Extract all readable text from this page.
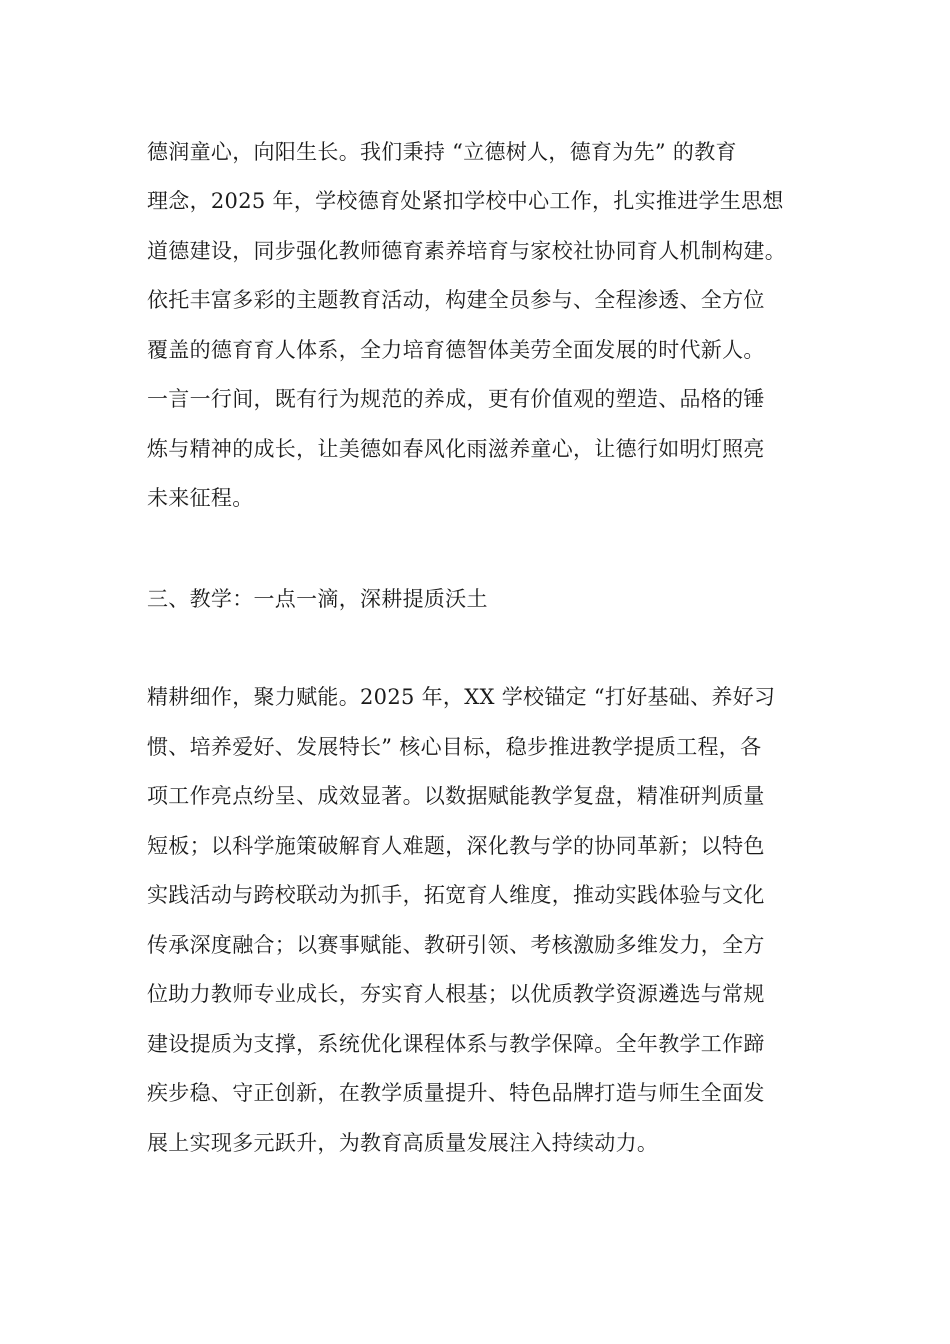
德润童心，向阳生长。我们秉持 “立德树人，德育为先” 的教育
理念，2025 年，学校德育处紧扣学校中心工作，扎实推进学生思想
道德建设，同步强化教师德育素养培育与家校社协同育人机制构建。
依托丰富多彩的主题教育活动，构建全员参与、全程渗透、全方位
覆盖的德育育人体系，全力培育德智体美劳全面发展的时代新人。
一言一行间，既有行为规范的养成，更有价值观的塑造、品格的锤
炼与精神的成长，让美德如春风化雨滋养童心，让德行如明灯照亮
未来征程。
三、教学：一点一滴，深耕提质沃土
精耕细作，聚力赋能。2025 年，XX 学校锚定 “打好基础、养好习
惯、培养爱好、发展特长” 核心目标，稳步推进教学提质工程，各
项工作亮点纷呈、成效显著。以数据赋能教学复盘，精准研判质量
短板；以科学施策破解育人难题，深化教与学的协同革新；以特色
实践活动与跨校联动为抓手，拓宽育人维度，推动实践体验与文化
传承深度融合；以赛事赋能、教研引领、考核激励多维发力，全方
位助力教师专业成长，夯实育人根基；以优质教学资源遴选与常规
建设提质为支撑，系统优化课程体系与教学保障。全年教学工作蹄
疾步稳、守正创新，在教学质量提升、特色品牌打造与师生全面发
展上实现多元跃升，为教育高质量发展注入持续动力。
